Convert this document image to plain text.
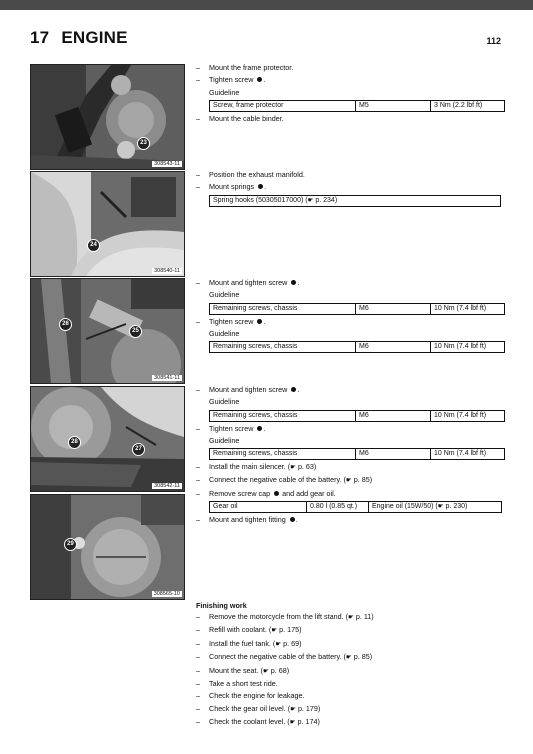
17 ENGINE	112
23
308543-11
24
308540-11
26
25
308541-11
28
27
308542-11
29
308565-10
– Mount the frame protector.
– Tighten screw .
Guideline
Screw, frame protector	M5	3 Nm (2.2 lbf ft)
– Mount the cable binder.
– Position the exhaust manifold.
– Mount springs .
Spring hooks (50305017000) (☛ p. 234)
– Mount and tighten screw .
Guideline
Remaining screws, chassis	M6	10 Nm (7.4 lbf ft)
– Tighten screw .
Guideline
Remaining screws, chassis	M6	10 Nm (7.4 lbf ft)
– Mount and tighten screw .
Guideline
Remaining screws, chassis	M6	10 Nm (7.4 lbf ft)
– Tighten screw .
Guideline
Remaining screws, chassis	M6	10 Nm (7.4 lbf ft)
– Install the main silencer. (☛ p. 63)
– Connect the negative cable of the battery. (☛ p. 85)
– Remove screw cap and add gear oil.
Gear oil	0.80 l (0.85 qt.)	Engine oil (15W/50) (☛ p. 230)
– Mount and tighten fitting .
Finishing work
– Remove the motorcycle from the lift stand. (☛ p. 11)
– Refill with coolant. (☛ p. 175)
– Install the fuel tank. (☛ p. 69)
– Connect the negative cable of the battery. (☛ p. 85)
– Mount the seat. (☛ p. 68)
– Take a short test ride.
– Check the engine for leakage.
– Check the gear oil level. (☛ p. 179)
– Check the coolant level. (☛ p. 174)
